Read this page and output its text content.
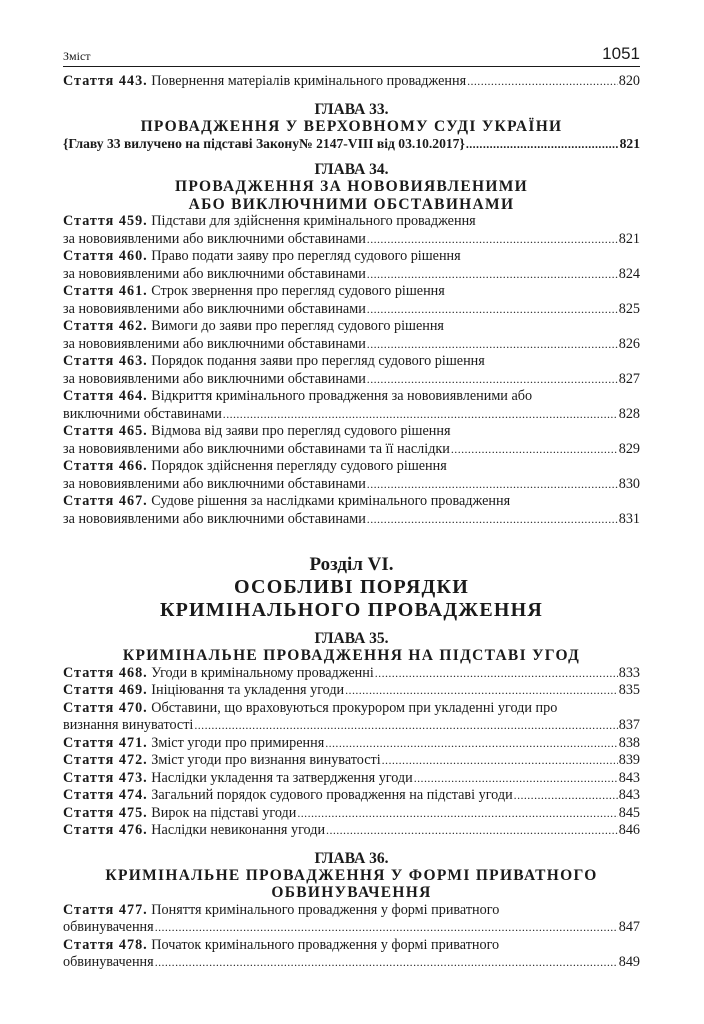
Зміст	1051
Стаття 443. Повернення матеріалів кримінального провадження .....	820
ГЛАВА 33.
ПРОВАДЖЕННЯ У ВЕРХОВНОМУ СУДІ УКРАЇНИ
{Главу 33 вилучено на підставі Закону№ 2147-VIII від 03.10.2017} .....	821
ГЛАВА 34.
ПРОВАДЖЕННЯ ЗА НОВОВИЯВЛЕНИМИ
АБО ВИКЛЮЧНИМИ ОБСТАВИНАМИ
Стаття 459. Підстави для здійснення кримінального провадження
за нововиявленими або виключними обставинами .....	821
Стаття 460. Право подати заяву про перегляд судового рішення
за нововиявленими або виключними обставинами .....	824
Стаття 461. Строк звернення про перегляд судового рішення
за нововиявленими або виключними обставинами .....	825
Стаття 462. Вимоги до заяви про перегляд судового рішення
за нововиявленими або виключними обставинами .....	826
Стаття 463. Порядок подання заяви про перегляд судового рішення
за нововиявленими або виключними обставинами .....	827
Стаття 464. Відкриття кримінального провадження за нововиявленими або
виключними обставинами .....	828
Стаття 465. Відмова від заяви про перегляд судового рішення
за нововиявленими або виключними обставинами та її наслідки .....	829
Стаття 466. Порядок здійснення перегляду судового рішення
за нововиявленими або виключними обставинами .....	830
Стаття 467. Судове рішення за наслідками кримінального провадження
за нововиявленими або виключними обставинами .....	831
Розділ VI.
ОСОБЛИВІ ПОРЯДКИ
КРИМІНАЛЬНОГО ПРОВАДЖЕННЯ
ГЛАВА 35.
КРИМІНАЛЬНЕ ПРОВАДЖЕННЯ НА ПІДСТАВІ УГОД
Стаття 468. Угоди в кримінальному провадженні .....	833
Стаття 469. Ініціювання та укладення угоди .....	835
Стаття 470. Обставини, що враховуються прокурором при укладенні угоди про
визнання винуватості .....	837
Стаття 471. Зміст угоди про примирення .....	838
Стаття 472. Зміст угоди про визнання винуватості .....	839
Стаття 473. Наслідки укладення та затвердження угоди .....	843
Стаття 474. Загальний порядок судового провадження на підставі угоди .....	843
Стаття 475. Вирок на підставі угоди .....	845
Стаття 476. Наслідки невиконання угоди .....	846
ГЛАВА 36.
КРИМІНАЛЬНЕ ПРОВАДЖЕННЯ У ФОРМІ ПРИВАТНОГО
ОБВИНУВАЧЕННЯ
Стаття 477. Поняття кримінального провадження у формі приватного
обвинувачення .....	847
Стаття 478. Початок кримінального провадження у формі приватного
обвинувачення .....	849
